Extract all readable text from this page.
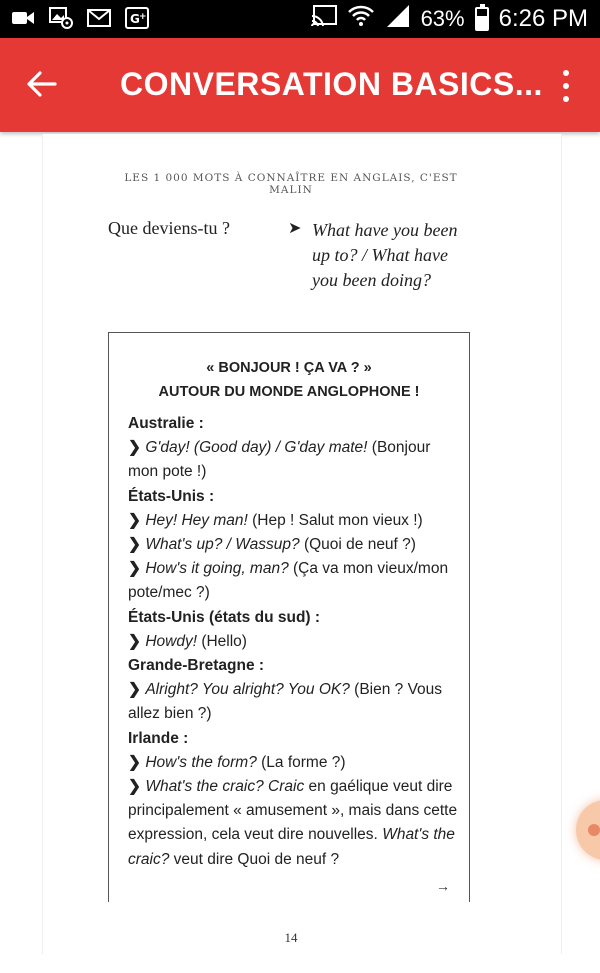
G +	63% 6:26 PM
CONVERSATION BASICS...
LES 1 000 MOTS À CONNAÎTRE EN ANGLAIS, C'EST MALIN
Que deviens-tu ?	➤ What have you been up to? / What have you been doing?
« BONJOUR ! ÇA VA ? »
AUTOUR DU MONDE ANGLOPHONE !

Australie :

❯ G'day! (Good day) / G'day mate! (Bonjour mon pote !)

États-Unis :

❯ Hey! Hey man! (Hep ! Salut mon vieux !)

❯ What's up? / Wassup? (Quoi de neuf ?)

❯ How's it going, man? (Ça va mon vieux/mon pote/mec ?)

États-Unis (états du sud) :

❯ Howdy! (Hello)

Grande-Bretagne :

❯ Alright? You alright? You OK? (Bien ? Vous allez bien ?)

Irlande :

❯ How's the form? (La forme ?)

❯ What's the craic? Craic en gaélique veut dire principalement « amusement », mais dans cette expression, cela veut dire nouvelles. What's the craic? veut dire Quoi de neuf ?

→
14
